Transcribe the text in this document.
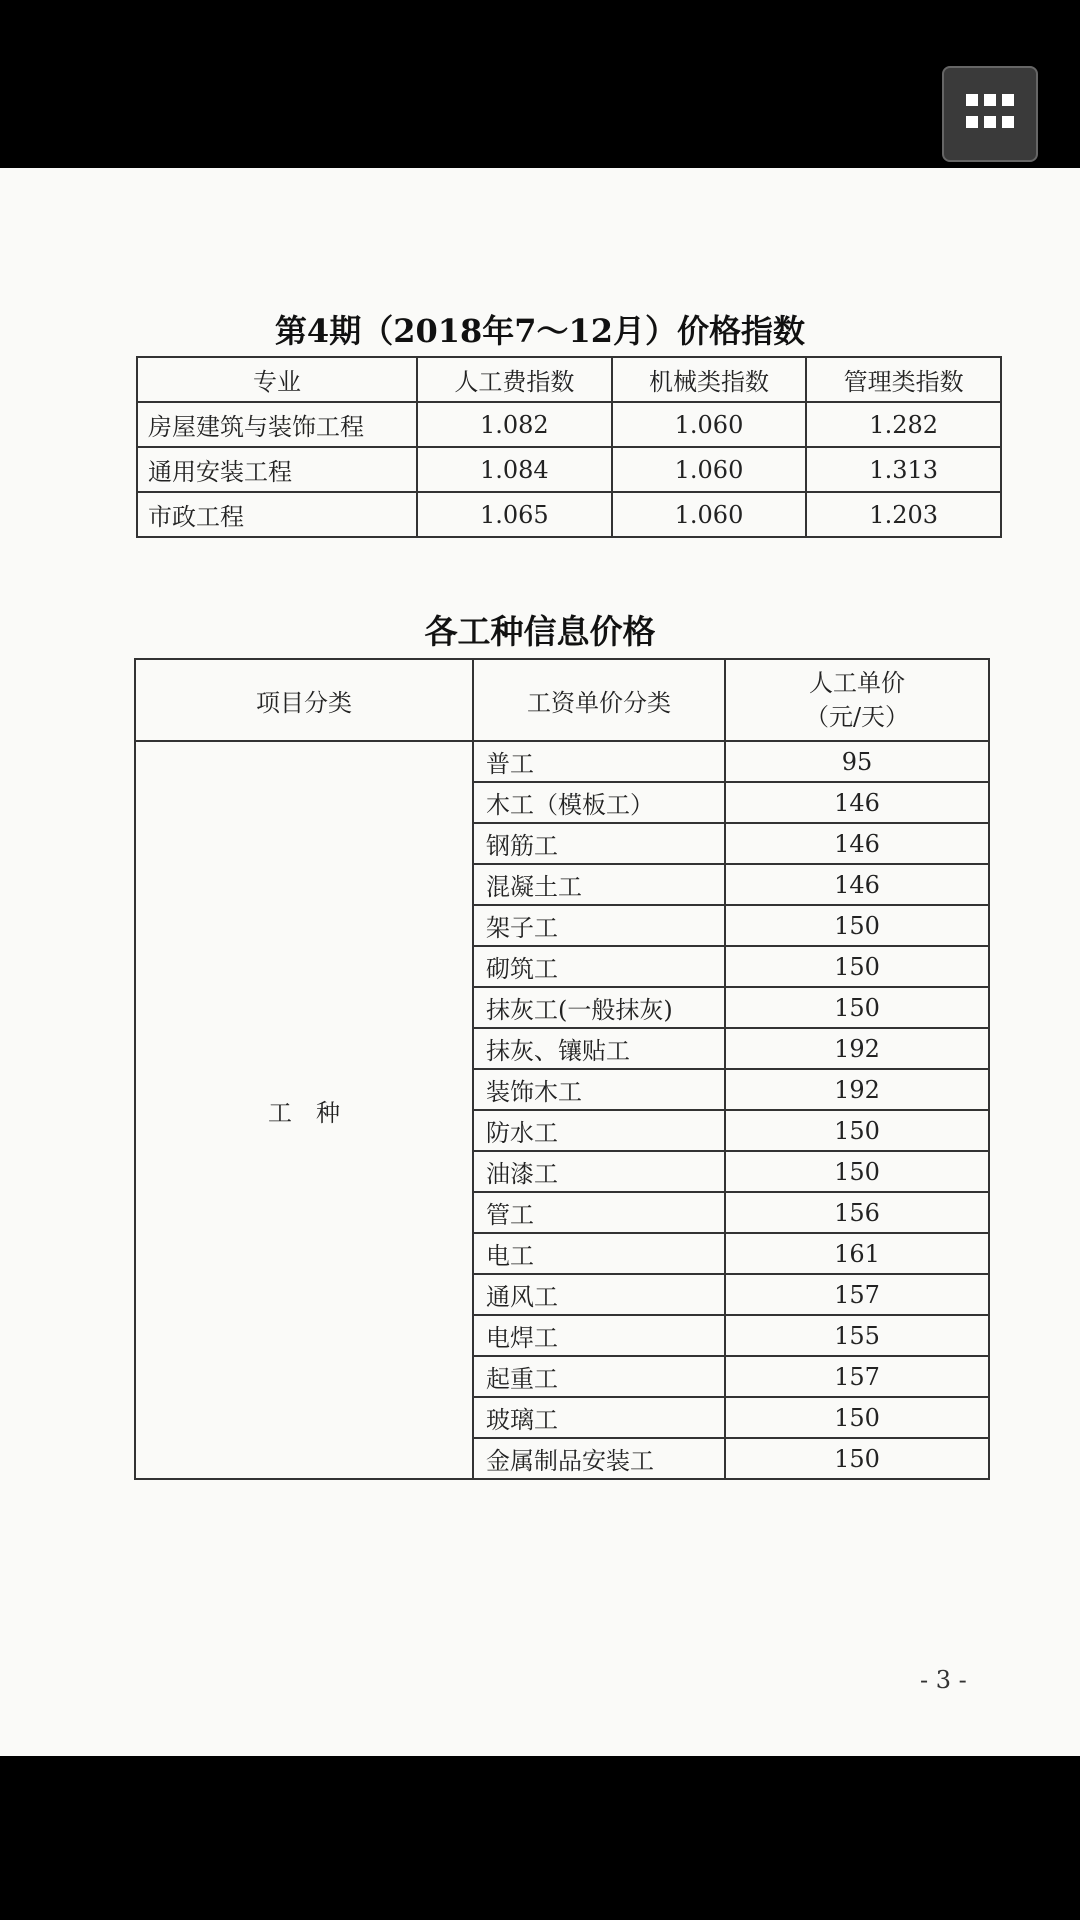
第4期（2018年7～12月）价格指数
专业	人工费指数	机械类指数	管理类指数
房屋建筑与装饰工程	1.082	1.060	1.282
通用安装工程	1.084	1.060	1.313
市政工程	1.065	1.060	1.203
各工种信息价格
项目分类	工资单价分类	人工单价
（元/天）

工　种	普工	95
	木工（模板工）	146
	钢筋工	146
	混凝土工	146
	架子工	150
	砌筑工	150
	抹灰工(一般抹灰)	150
	抹灰、镶贴工	192
	装饰木工	192
	防水工	150
	油漆工	150
	管工	156
	电工	161
	通风工	157
	电焊工	155
	起重工	157
	玻璃工	150
	金属制品安装工	150
- 3 -
